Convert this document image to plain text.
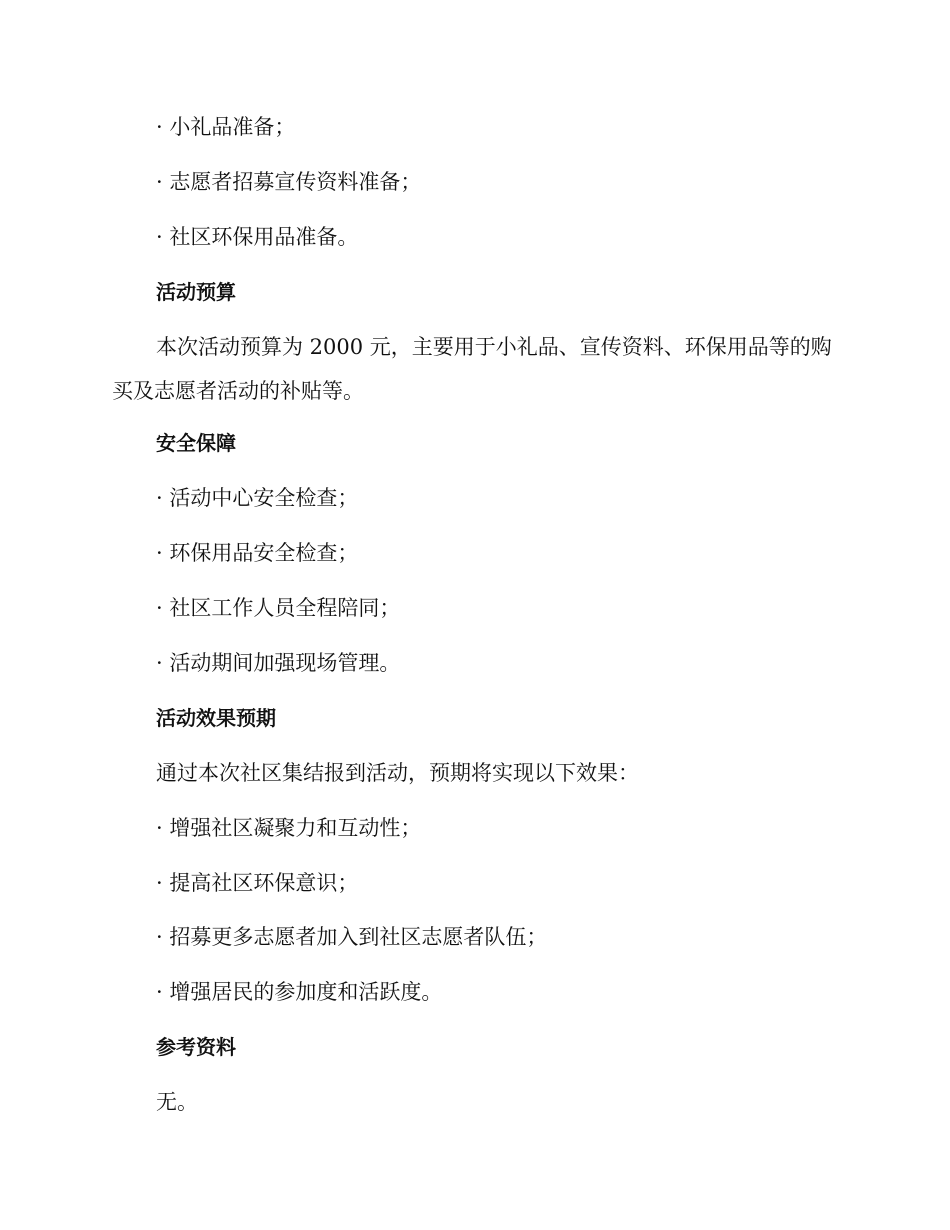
· 小礼品准备；
· 志愿者招募宣传资料准备；
· 社区环保用品准备。
活动预算
本次活动预算为 2000 元，主要用于小礼品、宣传资料、环保用品等的购买及志愿者活动的补贴等。
安全保障
· 活动中心安全检查；
· 环保用品安全检查；
· 社区工作人员全程陪同；
· 活动期间加强现场管理。
活动效果预期
通过本次社区集结报到活动，预期将实现以下效果：
· 增强社区凝聚力和互动性；
· 提高社区环保意识；
· 招募更多志愿者加入到社区志愿者队伍；
· 增强居民的参加度和活跃度。
参考资料
无。
